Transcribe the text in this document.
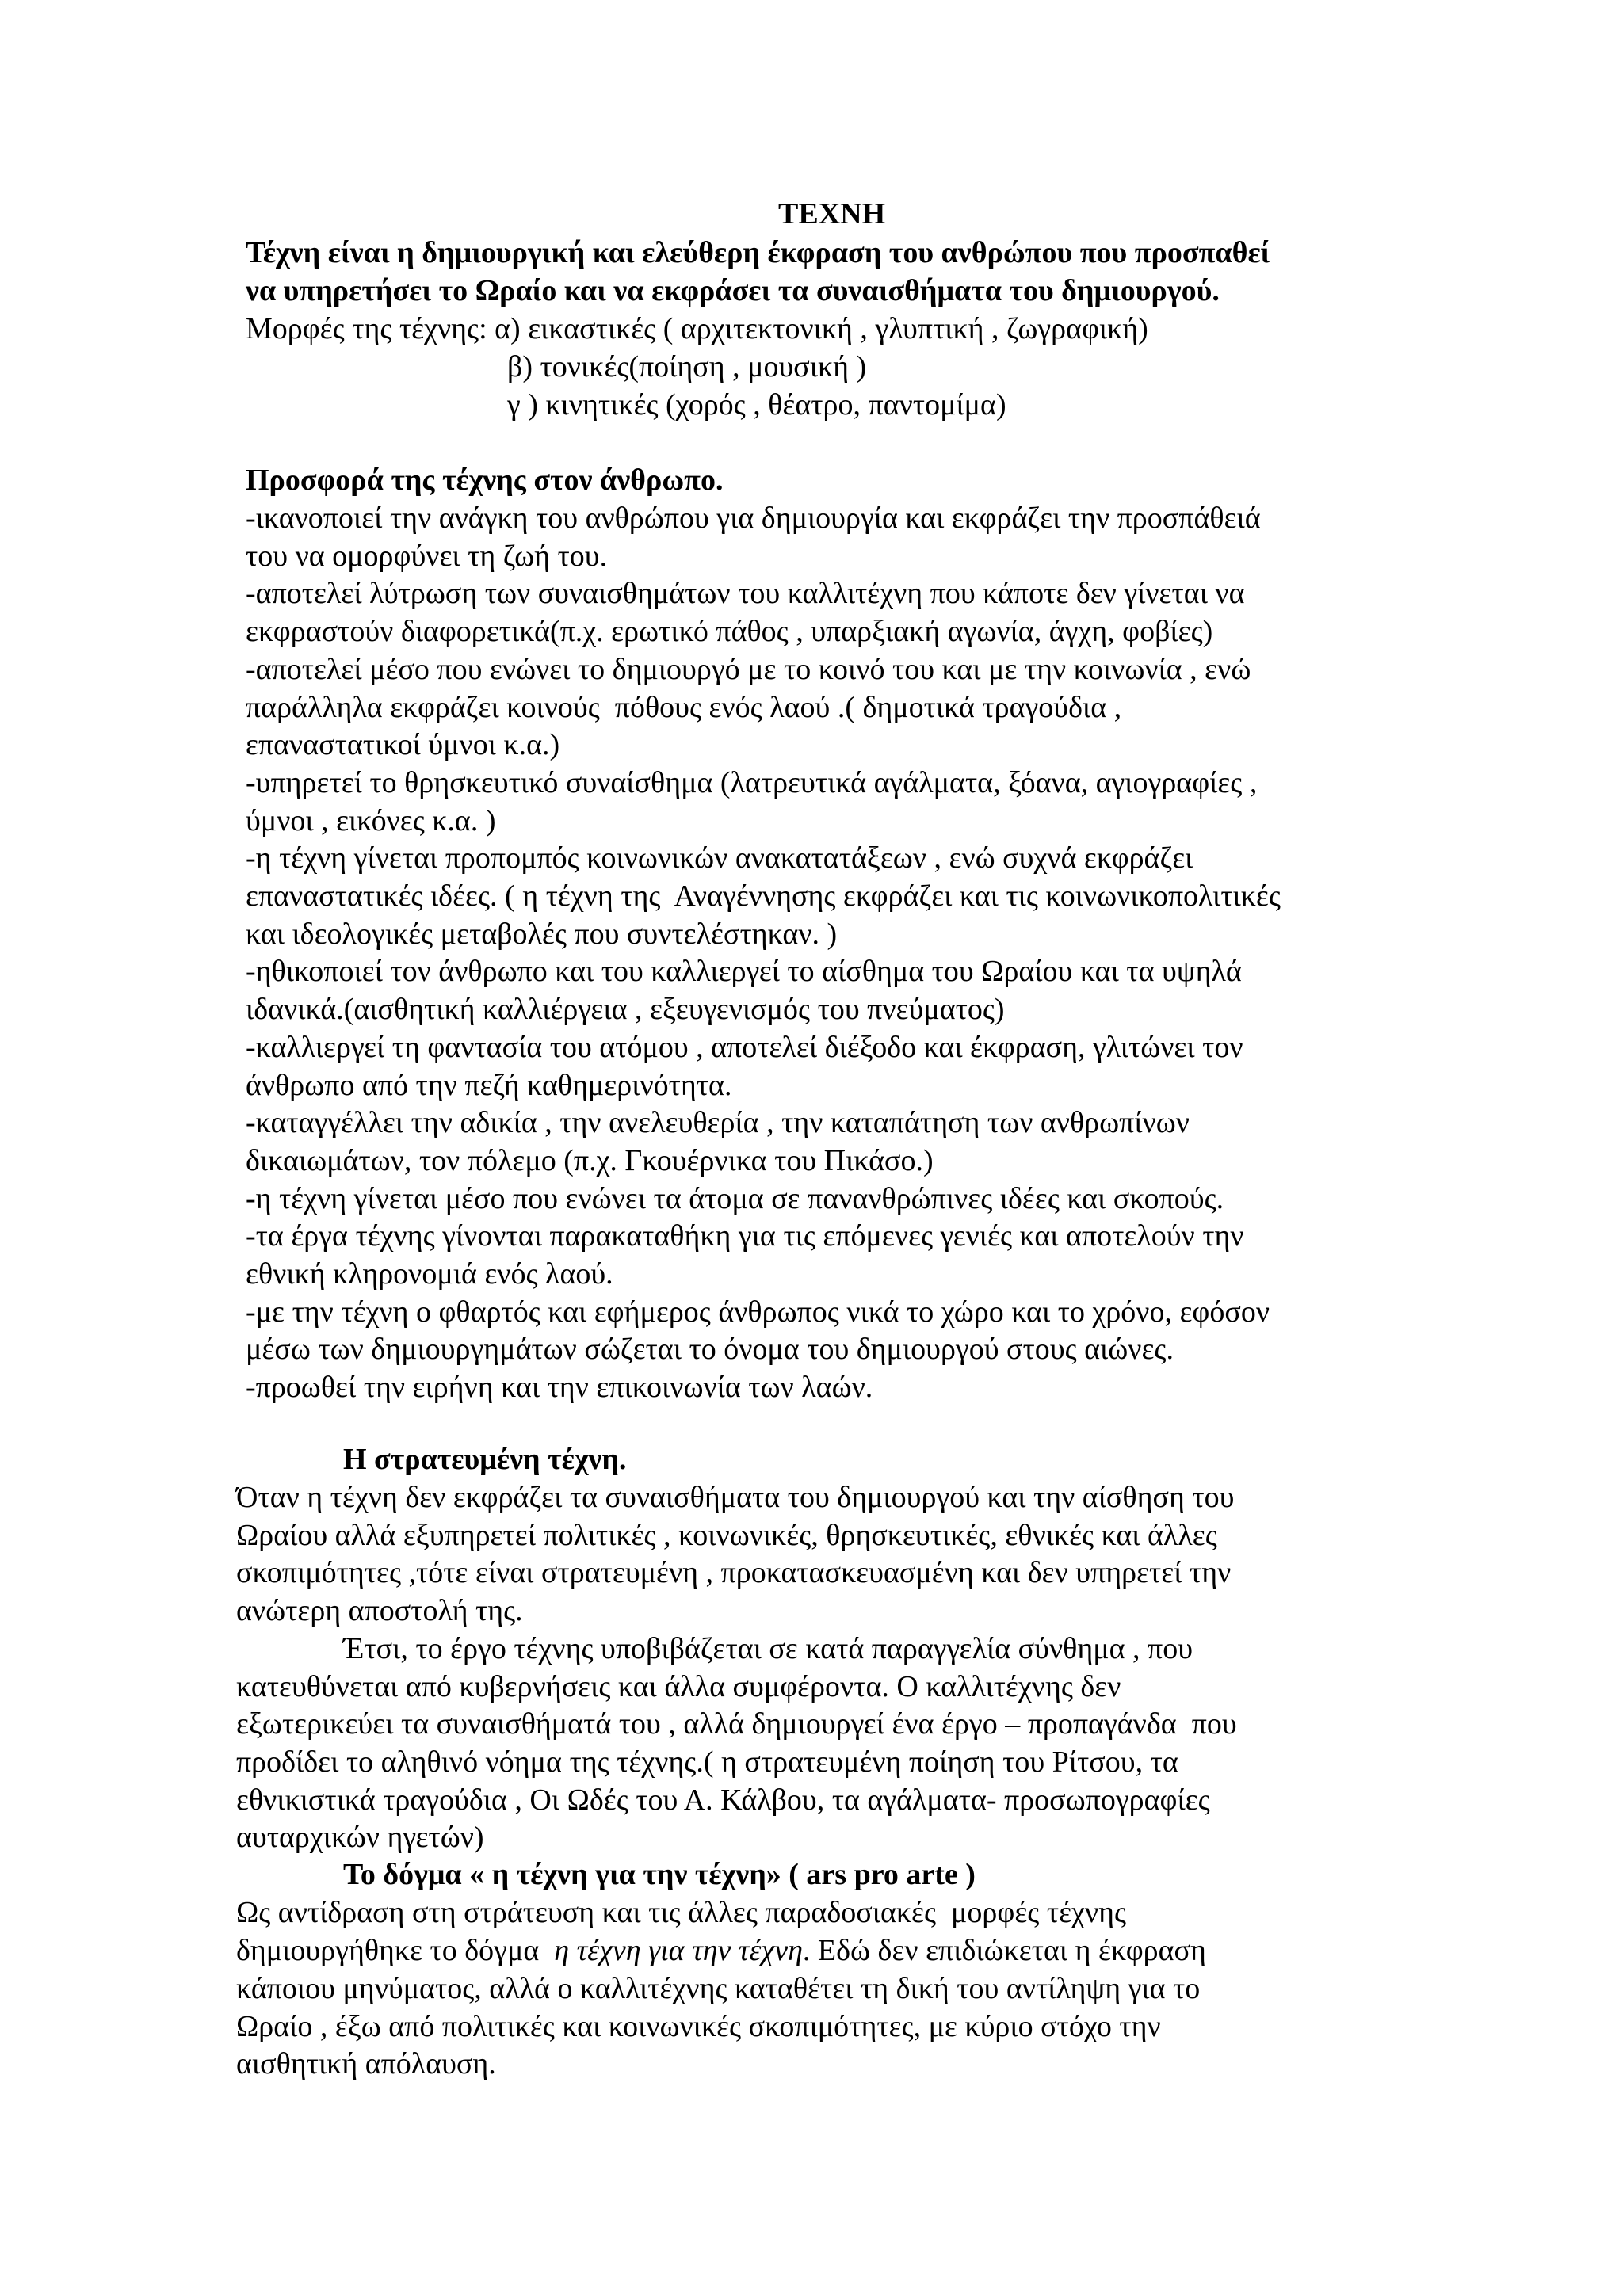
ΤΕΧΝΗ
Τέχνη είναι η δημιουργική και ελεύθερη έκφραση του ανθρώπου που προσπαθεί
να υπηρετήσει το Ωραίο και να εκφράσει τα συναισθήματα του δημιουργού.
Μορφές της τέχνης: α) εικαστικές ( αρχιτεκτονική , γλυπτική , ζωγραφική)
β) τονικές(ποίηση , μουσική )
γ ) κινητικές (χορός , θέατρο, παντομίμα)
Προσφορά της τέχνης στον άνθρωπο.
-ικανοποιεί την ανάγκη του ανθρώπου για δημιουργία και εκφράζει την προσπάθειά
του να ομορφύνει τη ζωή του.
-αποτελεί λύτρωση των συναισθημάτων του καλλιτέχνη που κάποτε δεν γίνεται να
εκφραστούν διαφορετικά(π.χ. ερωτικό πάθος , υπαρξιακή αγωνία, άγχη, φοβίες)
-αποτελεί μέσο που ενώνει το δημιουργό με το κοινό του και με την κοινωνία , ενώ
παράλληλα εκφράζει κοινούς  πόθους ενός λαού .( δημοτικά τραγούδια ,
επαναστατικοί ύμνοι κ.α.)
-υπηρετεί το θρησκευτικό συναίσθημα (λατρευτικά αγάλματα, ξόανα, αγιογραφίες ,
ύμνοι , εικόνες κ.α. )
-η τέχνη γίνεται προπομπός κοινωνικών ανακατατάξεων , ενώ συχνά εκφράζει
επαναστατικές ιδέες. ( η τέχνη της  Αναγέννησης εκφράζει και τις κοινωνικοπολιτικές
και ιδεολογικές μεταβολές που συντελέστηκαν. )
-ηθικοποιεί τον άνθρωπο και του καλλιεργεί το αίσθημα του Ωραίου και τα υψηλά
ιδανικά.(αισθητική καλλιέργεια , εξευγενισμός του πνεύματος)
-καλλιεργεί τη φαντασία του ατόμου , αποτελεί διέξοδο και έκφραση, γλιτώνει τον
άνθρωπο από την πεζή καθημερινότητα.
-καταγγέλλει την αδικία , την ανελευθερία , την καταπάτηση των ανθρωπίνων
δικαιωμάτων, τον πόλεμο (π.χ. Γκουέρνικα του Πικάσο.)
-η τέχνη γίνεται μέσο που ενώνει τα άτομα σε πανανθρώπινες ιδέες και σκοπούς.
-τα έργα τέχνης γίνονται παρακαταθήκη για τις επόμενες γενιές και αποτελούν την
εθνική κληρονομιά ενός λαού.
-με την τέχνη ο φθαρτός και εφήμερος άνθρωπος νικά το χώρο και το χρόνο, εφόσον
μέσω των δημιουργημάτων σώζεται το όνομα του δημιουργού στους αιώνες.
-προωθεί την ειρήνη και την επικοινωνία των λαών.
Η στρατευμένη τέχνη.
Όταν η τέχνη δεν εκφράζει τα συναισθήματα του δημιουργού και την αίσθηση του
Ωραίου αλλά εξυπηρετεί πολιτικές , κοινωνικές, θρησκευτικές, εθνικές και άλλες
σκοπιμότητες ,τότε είναι στρατευμένη , προκατασκευασμένη και δεν υπηρετεί την
ανώτερη αποστολή της.
Έτσι, το έργο τέχνης υποβιβάζεται σε κατά παραγγελία σύνθημα , που
κατευθύνεται από κυβερνήσεις και άλλα συμφέροντα. Ο καλλιτέχνης δεν
εξωτερικεύει τα συναισθήματά του , αλλά δημιουργεί ένα έργο – προπαγάνδα  που
προδίδει το αληθινό νόημα της τέχνης.( η στρατευμένη ποίηση του Ρίτσου, τα
εθνικιστικά τραγούδια , Οι Ωδές του Α. Κάλβου, τα αγάλματα- προσωπογραφίες
αυταρχικών ηγετών)
Το δόγμα « η τέχνη για την τέχνη» ( ars pro arte )
Ως αντίδραση στη στράτευση και τις άλλες παραδοσιακές  μορφές τέχνης
δημιουργήθηκε το δόγμα  η τέχνη για την τέχνη. Εδώ δεν επιδιώκεται η έκφραση
κάποιου μηνύματος, αλλά ο καλλιτέχνης καταθέτει τη δική του αντίληψη για το
Ωραίο , έξω από πολιτικές και κοινωνικές σκοπιμότητες, με κύριο στόχο την
αισθητική απόλαυση.
